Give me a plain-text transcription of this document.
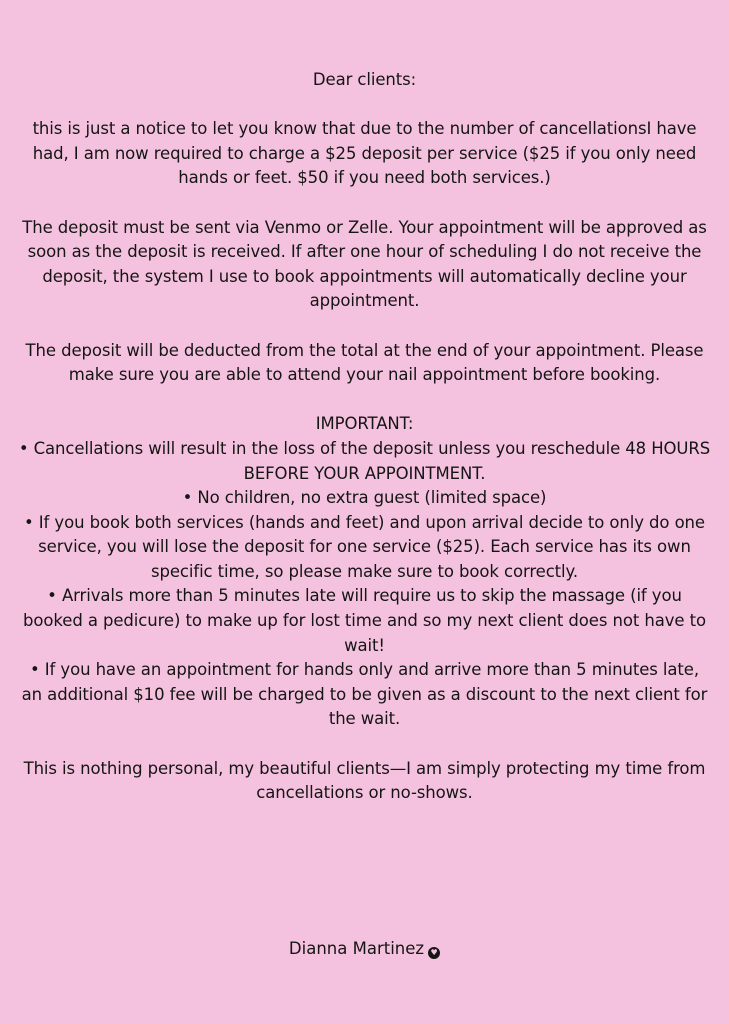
Dear clients:

this is just a notice to let you know that due to the number of cancellationsI have had, I am now required to charge a $25 deposit per service ($25 if you only need hands or feet. $50 if you need both services.)

The deposit must be sent via Venmo or Zelle. Your appointment will be approved as soon as the deposit is received. If after one hour of scheduling I do not receive the deposit, the system I use to book appointments will automatically decline your appointment.

The deposit will be deducted from the total at the end of your appointment. Please make sure you are able to attend your nail appointment before booking.

IMPORTANT:

• Cancellations will result in the loss of the deposit unless you reschedule 48 HOURS BEFORE YOUR APPOINTMENT.

• No children, no extra guest (limited space)

• If you book both services (hands and feet) and upon arrival decide to only do one service, you will lose the deposit for one service ($25). Each service has its own specific time, so please make sure to book correctly.

• Arrivals more than 5 minutes late will require us to skip the massage (if you booked a pedicure) to make up for lost time and so my next client does not have to wait!

• If you have an appointment for hands only and arrive more than 5 minutes late, an additional $10 fee will be charged to be given as a discount to the next client for the wait.

This is nothing personal, my beautiful clients—I am simply protecting my time from cancellations or no-shows.

Dianna Martinez ♥
